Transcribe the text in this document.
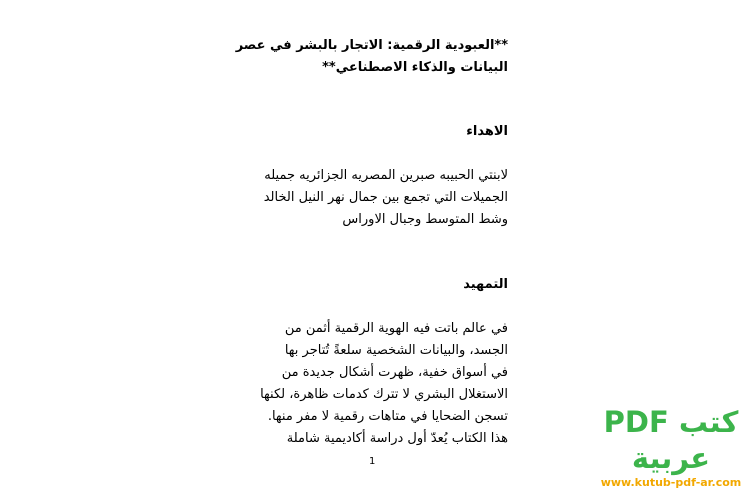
**العبودية الرقمية: الاتجار بالبشر في عصر

البيانات والذكاء الاصطناعي**

الاهداء

لابنتي الحبيبه صبرين المصريه الجزائريه جميله

الجميلات التي تجمع بين جمال نهر النيل الخالد

وشط المتوسط وجبال الاوراس

التمهيد

في عالم باتت فيه الهوية الرقمية أثمن من

الجسد، والبيانات الشخصية سلعةً تُتاجر بها

في أسواق خفية، ظهرت أشكال جديدة من

الاستغلال البشري لا تترك كدمات ظاهرة، لكنها

تسجن الضحايا في متاهات رقمية لا مفر منها.

هذا الكتاب يُعدّ أول دراسة أكاديمية شاملة

1

كتب PDF عربية

www.kutub-pdf-ar.com
